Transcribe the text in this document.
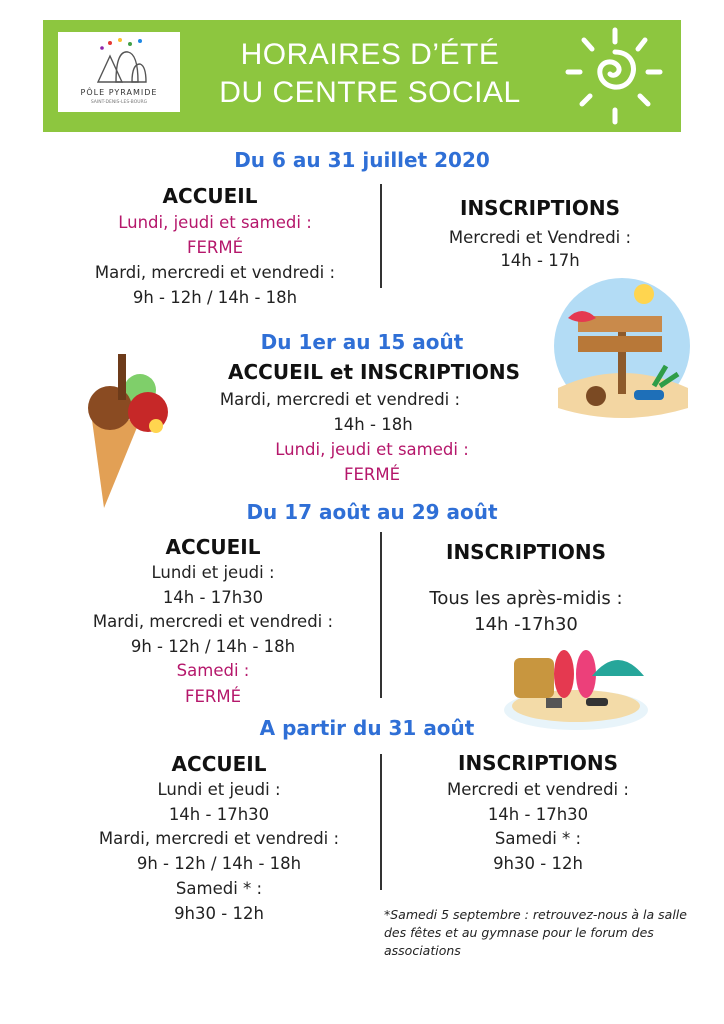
PÔLE PYRAMIDE
SAINT-DENIS-LES-BOURG
HORAIRES D’ÉTÉ
DU CENTRE SOCIAL
Du 6 au 31 juillet 2020
ACCUEIL
Lundi, jeudi et samedi :
FERMÉ
Mardi, mercredi et vendredi :
9h - 12h / 14h - 18h
INSCRIPTIONS
Mercredi et Vendredi :
14h - 17h
Du 1er au 15 août
ACCUEIL et INSCRIPTIONS
Mardi, mercredi et vendredi :
14h - 18h
Lundi, jeudi et samedi :
FERMÉ
Du 17 août au 29 août
ACCUEIL
Lundi et jeudi :
14h - 17h30
Mardi, mercredi et vendredi :
9h - 12h / 14h - 18h
Samedi :
FERMÉ
INSCRIPTIONS
Tous les après-midis :
14h -17h30
A partir du 31 août
ACCUEIL
Lundi et jeudi :
14h - 17h30
Mardi, mercredi et vendredi :
9h - 12h / 14h - 18h
Samedi * :
9h30 - 12h
INSCRIPTIONS
Mercredi et vendredi :
14h - 17h30
Samedi * :
9h30 - 12h
*Samedi 5 septembre : retrouvez-nous à la salle des fêtes et au gymnase pour le forum des associations
